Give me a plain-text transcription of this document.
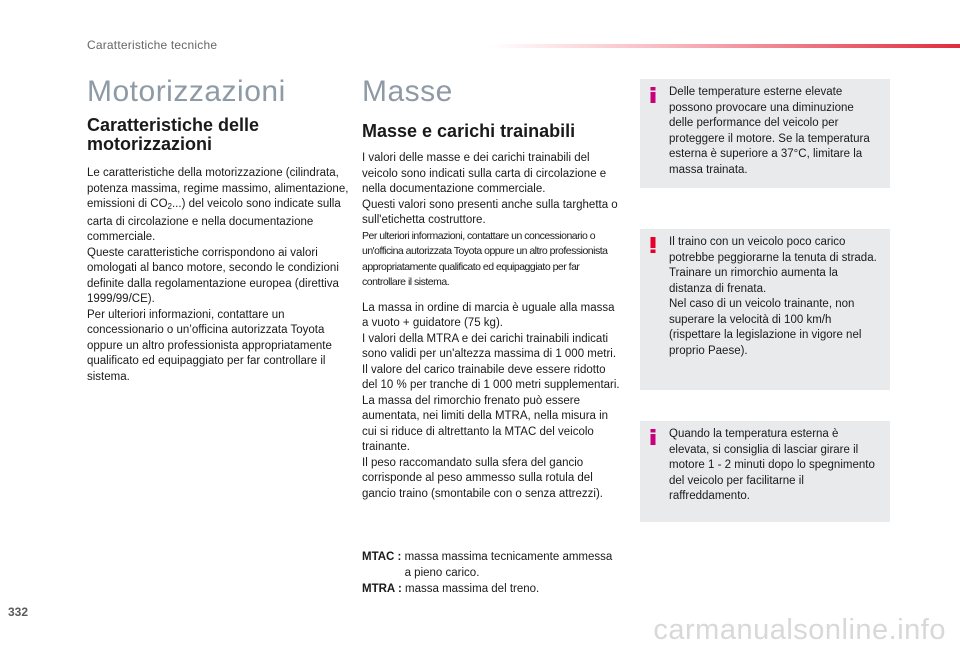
Caratteristiche tecniche
Motorizzazioni
Caratteristiche delle motorizzazioni

Le caratteristiche della motorizzazione (cilindrata, potenza massima, regime massimo, alimentazione, emissioni di $CO_2$...) del veicolo sono indicate sulla carta di circolazione e nella documentazione commerciale.

Queste caratteristiche corrispondono ai valori omologati al banco motore, secondo le condizioni definite dalla regolamentazione europea (direttiva 1999/99/CE).

Per ulteriori informazioni, contattare un concessionario o un’officina autorizzata Toyota oppure un altro professionista appropriatamente qualificato ed equipaggiato per far controllare il sistema.

Masse
Masse e carichi trainabili

I valori delle masse e dei carichi trainabili del veicolo sono indicati sulla carta di circolazione e nella documentazione commerciale.

Questi valori sono presenti anche sulla targhetta o sull'etichetta costruttore.

Per ulteriori informazioni, contattare un concessionario o un'officina autorizzata Toyota oppure un altro professionista appropriatamente qualificato ed equipaggiato per far controllare il sistema.

La massa in ordine di marcia è uguale alla massa a vuoto + guidatore (75 kg).

I valori della MTRA e dei carichi trainabili indicati sono validi per un'altezza massima di 1 000 metri. Il valore del carico trainabile deve essere ridotto del 10 % per tranche di 1 000 metri supplementari.

La massa del rimorchio frenato può essere aumentata, nei limiti della MTRA, nella misura in cui si riduce di altrettanto la MTAC del veicolo trainante.

Il peso raccomandato sulla sfera del gancio corrisponde al peso ammesso sulla rotula del gancio traino (smontabile con o senza attrezzi).

MTAC : massa massima tecnicamente ammessa a pieno carico.
MTRA : massa massima del treno.

Delle temperature esterne elevate possono provocare una diminuzione delle performance del veicolo per proteggere il motore. Se la temperatura esterna è superiore a 37°C, limitare la massa trainata.

Il traino con un veicolo poco carico potrebbe peggiorarne la tenuta di strada.

Trainare un rimorchio aumenta la distanza di frenata.

Nel caso di un veicolo trainante, non superare la velocità di 100 km/h (rispettare la legislazione in vigore nel proprio Paese).

Quando la temperatura esterna è elevata, si consiglia di lasciar girare il motore 1 - 2 minuti dopo lo spegnimento del veicolo per facilitarne il raffreddamento.

332
carmanualsonline.info
